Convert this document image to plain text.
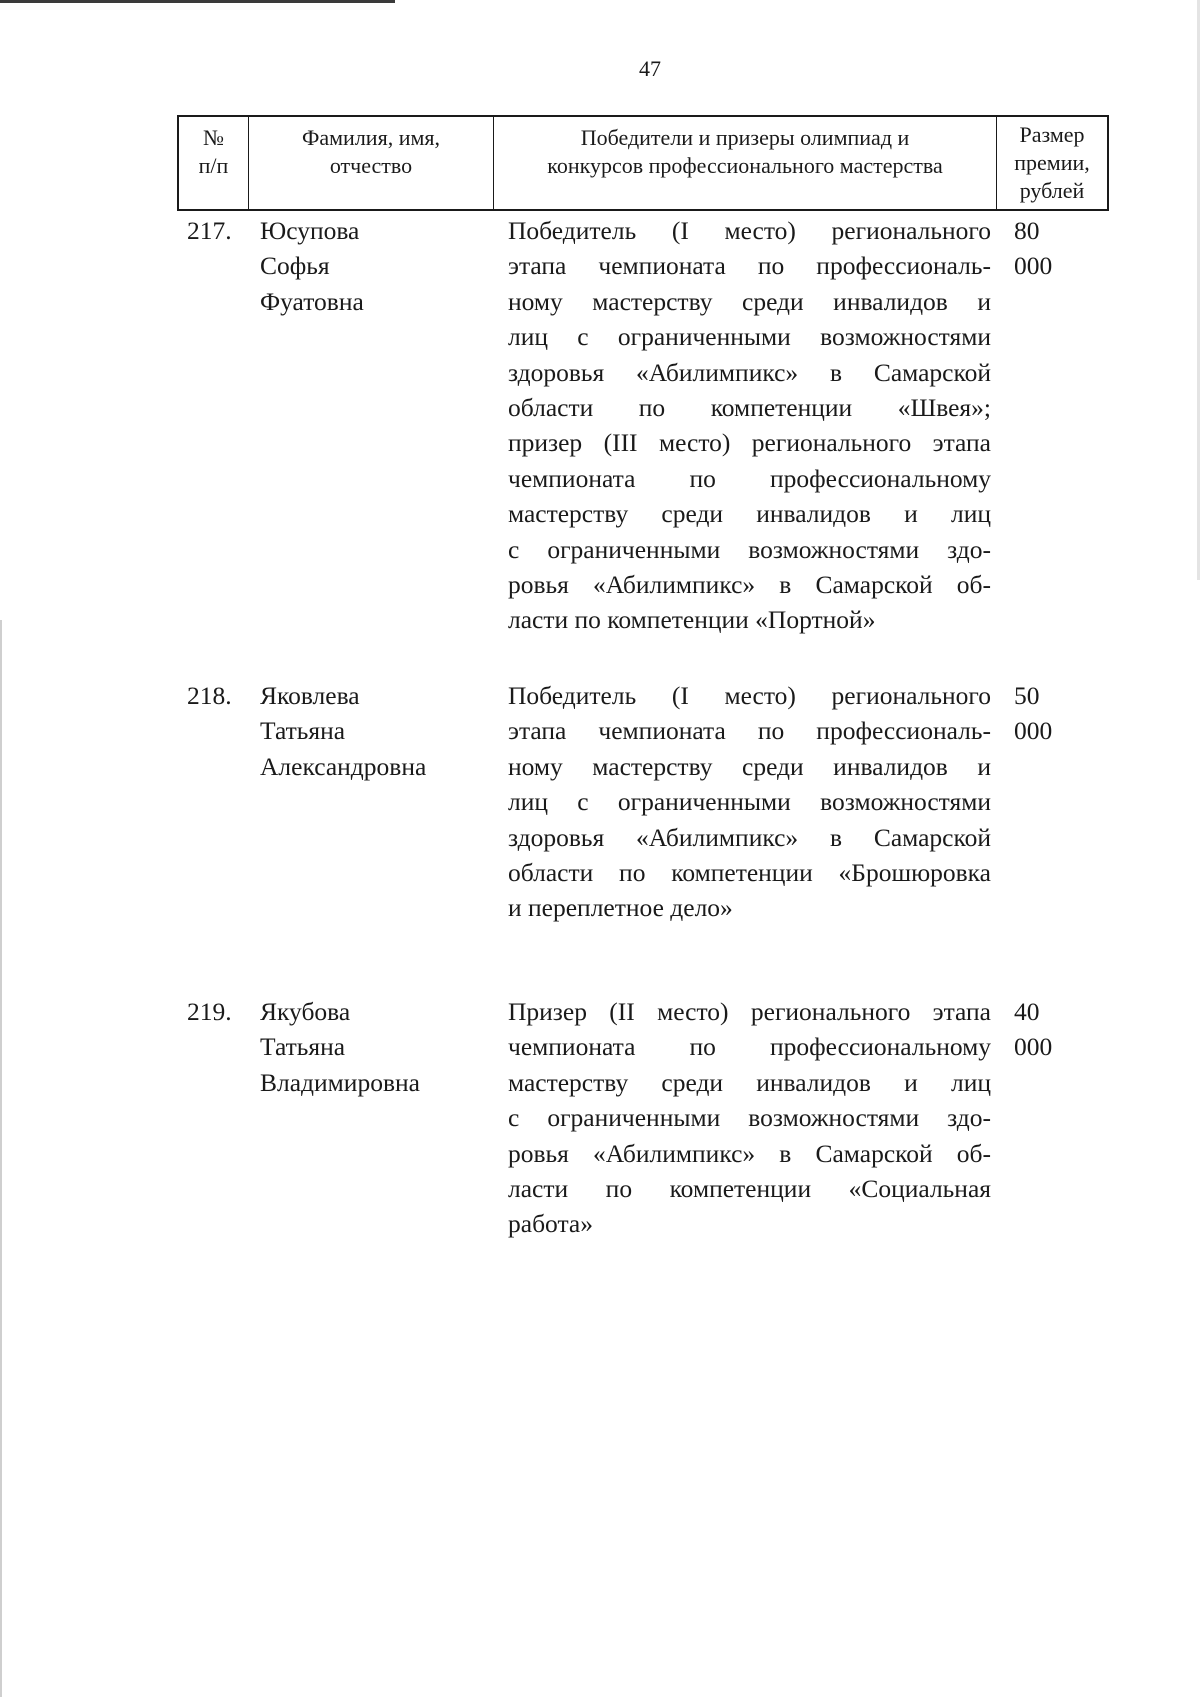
47
№
п/п
Фамилия, имя,
отчество
Победители и призеры олимпиад и
конкурсов профессионального мастерства
Размер
премии,
рублей
217. Юсупова
Софья
Фуатовна
Победитель (I место) регионального
этапа чемпионата по профессиональ-
ному мастерству среди инвалидов и
лиц с ограниченными возможностями
здоровья «Абилимпикс» в Самарской
области по компетенции «Швея»;
призер (III место) регионального этапа
чемпионата по профессиональному
мастерству среди инвалидов и лиц
с ограниченными возможностями здо-
ровья «Абилимпикс» в Самарской об-
ласти по компетенции «Портной»
80 000
218. Яковлева
Татьяна
Александровна
Победитель (I место) регионального
этапа чемпионата по профессиональ-
ному мастерству среди инвалидов и
лиц с ограниченными возможностями
здоровья «Абилимпикс» в Самарской
области по компетенции «Брошюровка
и переплетное дело»
50 000
219. Якубова
Татьяна
Владимировна
Призер (II место) регионального этапа
чемпионата по профессиональному
мастерству среди инвалидов и лиц
с ограниченными возможностями здо-
ровья «Абилимпикс» в Самарской об-
ласти по компетенции «Социальная
работа»
40 000
